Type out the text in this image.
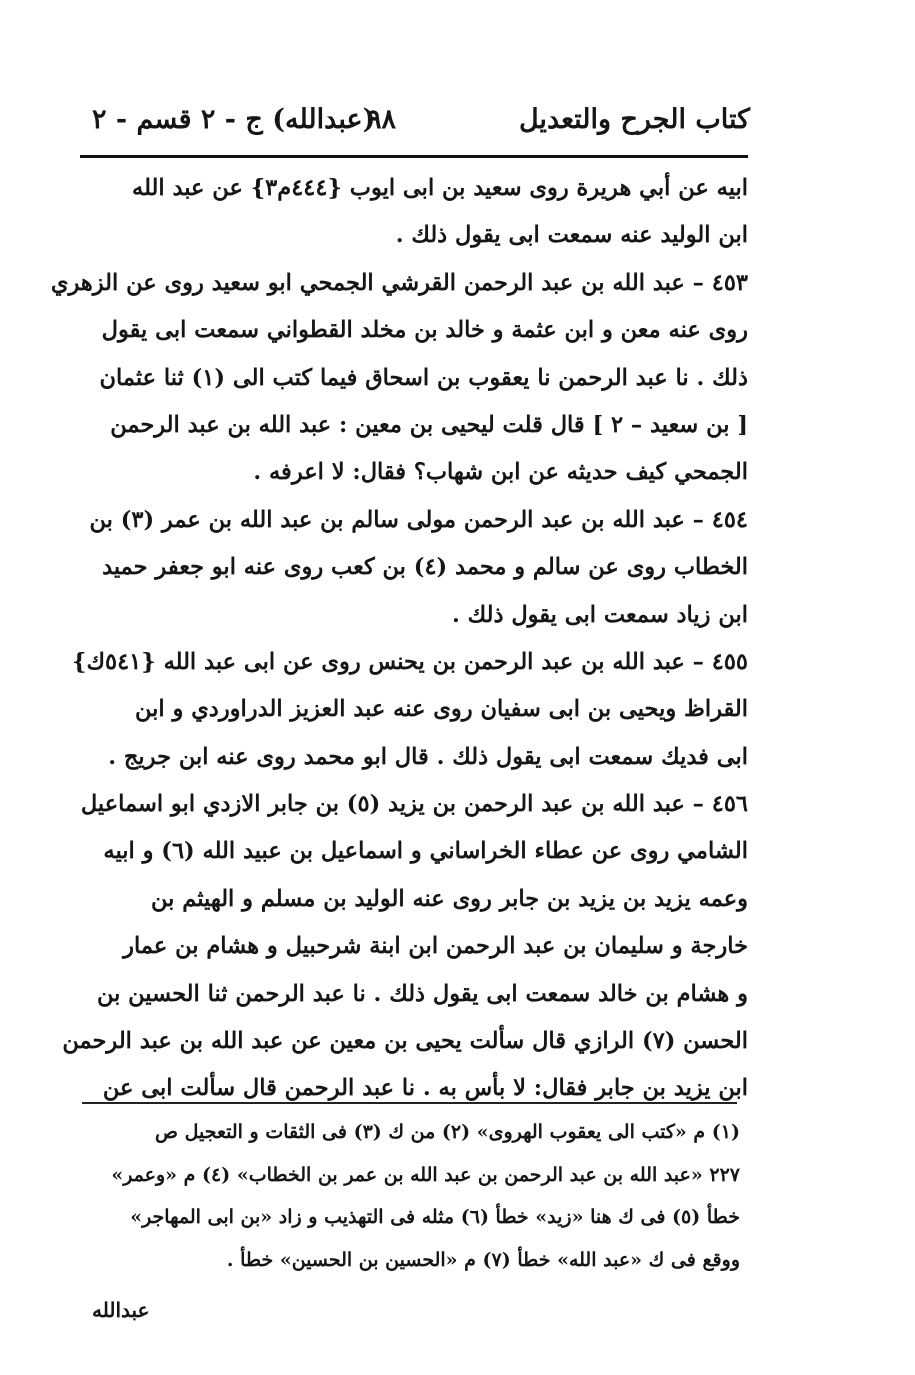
كتاب الجرح والتعديل
٩٨
(عبدالله) ج - ٢ قسم - ٢
ابيه عن أبي هريرة روى سعيد بن ابى ايوب {٤٤٤م٣} عن عبد الله
ابن الوليد عنه سمعت ابى يقول ذلك .
٤٥٣ – عبد الله بن عبد الرحمن القرشي الجمحي ابو سعيد روى عن الزهري
روى عنه معن و ابن عثمة و خالد بن مخلد القطواني سمعت ابى يقول
ذلك . نا عبد الرحمن نا يعقوب بن اسحاق فيما كتب الى (١) ثنا عثمان
[ بن سعيد – ٢ ] قال قلت ليحيى بن معين : عبد الله بن عبد الرحمن
الجمحي كيف حديثه عن ابن شهاب؟ فقال: لا اعرفه .
٤٥٤ – عبد الله بن عبد الرحمن مولى سالم بن عبد الله بن عمر (٣) بن
الخطاب روى عن سالم و محمد (٤) بن كعب روى عنه ابو جعفر حميد
ابن زياد سمعت ابى يقول ذلك .
٤٥٥ – عبد الله بن عبد الرحمن بن يحنس روى عن ابى عبد الله {٥٤١ك}
القراظ ويحيى بن ابى سفيان روى عنه عبد العزيز الدراوردي و ابن
ابى فديك سمعت ابى يقول ذلك . قال ابو محمد روى عنه ابن جريج .
٤٥٦ – عبد الله بن عبد الرحمن بن يزيد (٥) بن جابر الازدي ابو اسماعيل
الشامي روى عن عطاء الخراساني و اسماعيل بن عبيد الله (٦) و ابيه
وعمه يزيد بن يزيد بن جابر روى عنه الوليد بن مسلم و الهيثم بن
خارجة و سليمان بن عبد الرحمن ابن ابنة شرحبيل و هشام بن عمار
و هشام بن خالد سمعت ابى يقول ذلك . نا عبد الرحمن ثنا الحسين بن
الحسن (٧) الرازي قال سألت يحيى بن معين عن عبد الله بن عبد الرحمن
ابن يزيد بن جابر فقال: لا بأس به . نا عبد الرحمن قال سألت ابى عن
(١) م «كتب الى يعقوب الهروى» (٢) من ك (٣) فى الثقات و التعجيل ص
٢٢٧ «عبد الله بن عبد الرحمن بن عبد الله بن عمر بن الخطاب» (٤) م «وعمر»
خطأ (٥) فى ك هنا «زيد» خطأ (٦) مثله فى التهذيب و زاد «بن ابى المهاجر»
ووقع فى ك «عبد الله» خطأ (٧) م «الحسين بن الحسين» خطأ .
عبدالله
